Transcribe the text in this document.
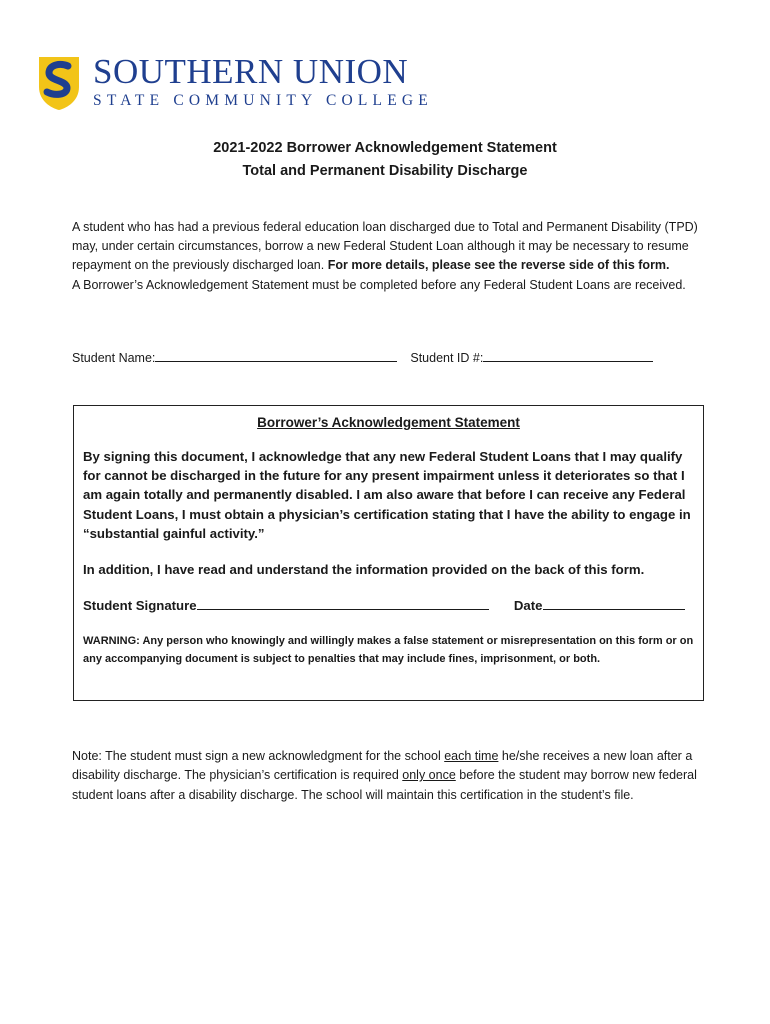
SOUTHERN UNION
STATE COMMUNITY COLLEGE
2021-2022 Borrower Acknowledgement Statement
Total and Permanent Disability Discharge

A student who has had a previous federal education loan discharged due to Total and Permanent Disability (TPD) may, under certain circumstances, borrow a new Federal Student Loan although it may be necessary to resume repayment on the previously discharged loan. For more details, please see the reverse side of this form.

A Borrower’s Acknowledgement Statement must be completed before any Federal Student Loans are received.

Student Name:	Student ID #:
Borrower’s Acknowledgement Statement
By signing this document, I acknowledge that any new Federal Student Loans that I may qualify for cannot be discharged in the future for any present impairment unless it deteriorates so that I am again totally and permanently disabled. I am also aware that before I can receive any Federal Student Loans, I must obtain a physician’s certification stating that I have the ability to engage in “substantial gainful activity.”
In addition, I have read and understand the information provided on the back of this form.
Student Signature	Date
WARNING: Any person who knowingly and willingly makes a false statement or misrepresentation on this form or on any accompanying document is subject to penalties that may include fines, imprisonment, or both.
Note: The student must sign a new acknowledgment for the school each time he/she receives a new loan after a disability discharge. The physician’s certification is required only once before the student may borrow new federal student loans after a disability discharge. The school will maintain this certification in the student’s file.
